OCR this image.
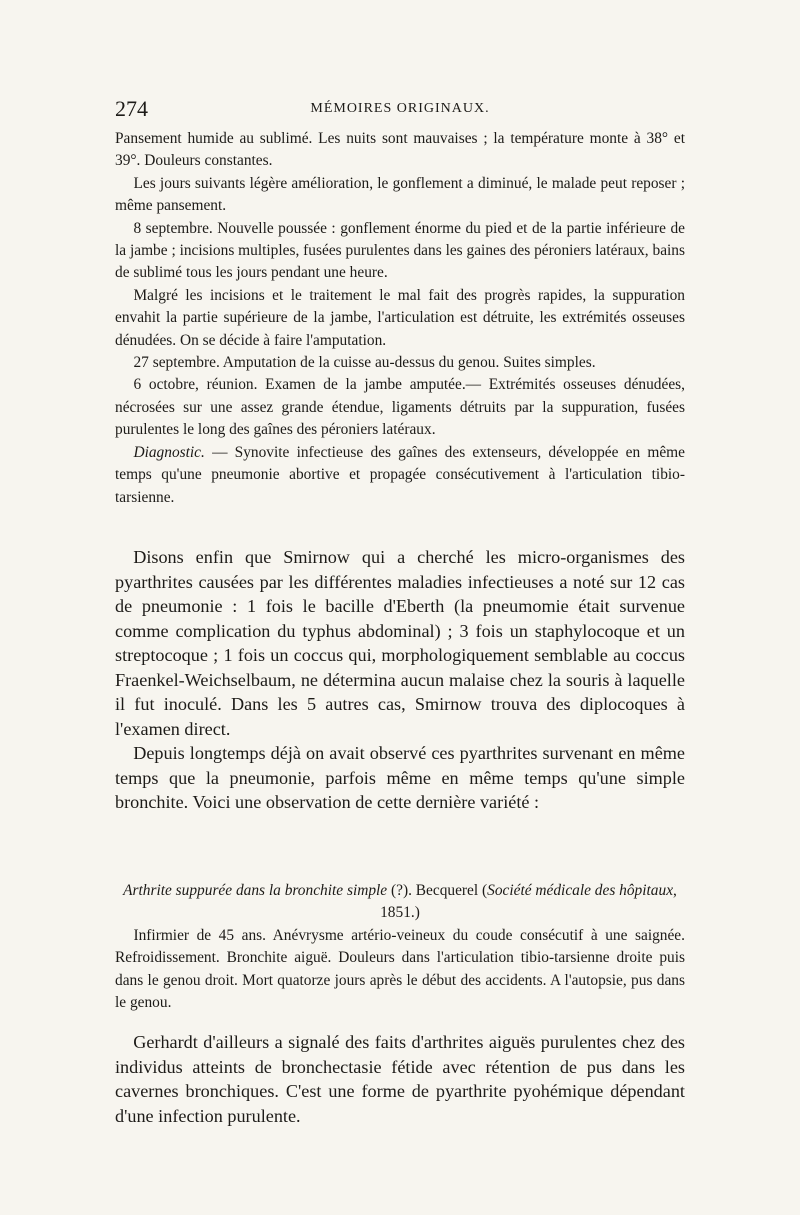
274	MÉMOIRES ORIGINAUX.

Pansement humide au sublimé. Les nuits sont mauvaises ; la température monte à 38° et 39°. Douleurs constantes.

Les jours suivants légère amélioration, le gonflement a diminué, le malade peut reposer ; même pansement.

8 septembre. Nouvelle poussée : gonflement énorme du pied et de la partie inférieure de la jambe ; incisions multiples, fusées purulentes dans les gaines des péroniers latéraux, bains de sublimé tous les jours pendant une heure.

Malgré les incisions et le traitement le mal fait des progrès rapides, la suppuration envahit la partie supérieure de la jambe, l'articulation est détruite, les extrémités osseuses dénudées. On se décide à faire l'amputation.

27 septembre. Amputation de la cuisse au-dessus du genou. Suites simples.

6 octobre, réunion. Examen de la jambe amputée.— Extrémités osseuses dénudées, nécrosées sur une assez grande étendue, ligaments détruits par la suppuration, fusées purulentes le long des gaînes des péroniers latéraux.

Diagnostic. — Synovite infectieuse des gaînes des extenseurs, développée en même temps qu'une pneumonie abortive et propagée consécutivement à l'articulation tibio-tarsienne.

Disons enfin que Smirnow qui a cherché les micro-organismes des pyarthrites causées par les différentes maladies infectieuses a noté sur 12 cas de pneumonie : 1 fois le bacille d'Eberth (la pneumomie était survenue comme complication du typhus abdominal) ; 3 fois un staphylocoque et un streptocoque ; 1 fois un coccus qui, morphologiquement semblable au coccus Fraenkel-Weichselbaum, ne détermina aucun malaise chez la souris à laquelle il fut inoculé. Dans les 5 autres cas, Smirnow trouva des diplocoques à l'examen direct.

Depuis longtemps déjà on avait observé ces pyarthrites survenant en même temps que la pneumonie, parfois même en même temps qu'une simple bronchite. Voici une observation de cette dernière variété :

Arthrite suppurée dans la bronchite simple (?). Becquerel (Société médicale des hôpitaux, 1851.)

Infirmier de 45 ans. Anévrysme artério-veineux du coude consécutif à une saignée. Refroidissement. Bronchite aiguë. Douleurs dans l'articulation tibio-tarsienne droite puis dans le genou droit. Mort quatorze jours après le début des accidents. A l'autopsie, pus dans le genou.

Gerhardt d'ailleurs a signalé des faits d'arthrites aiguës purulentes chez des individus atteints de bronchectasie fétide avec rétention de pus dans les cavernes bronchiques. C'est une forme de pyarthrite pyohémique dépendant d'une infection purulente.
